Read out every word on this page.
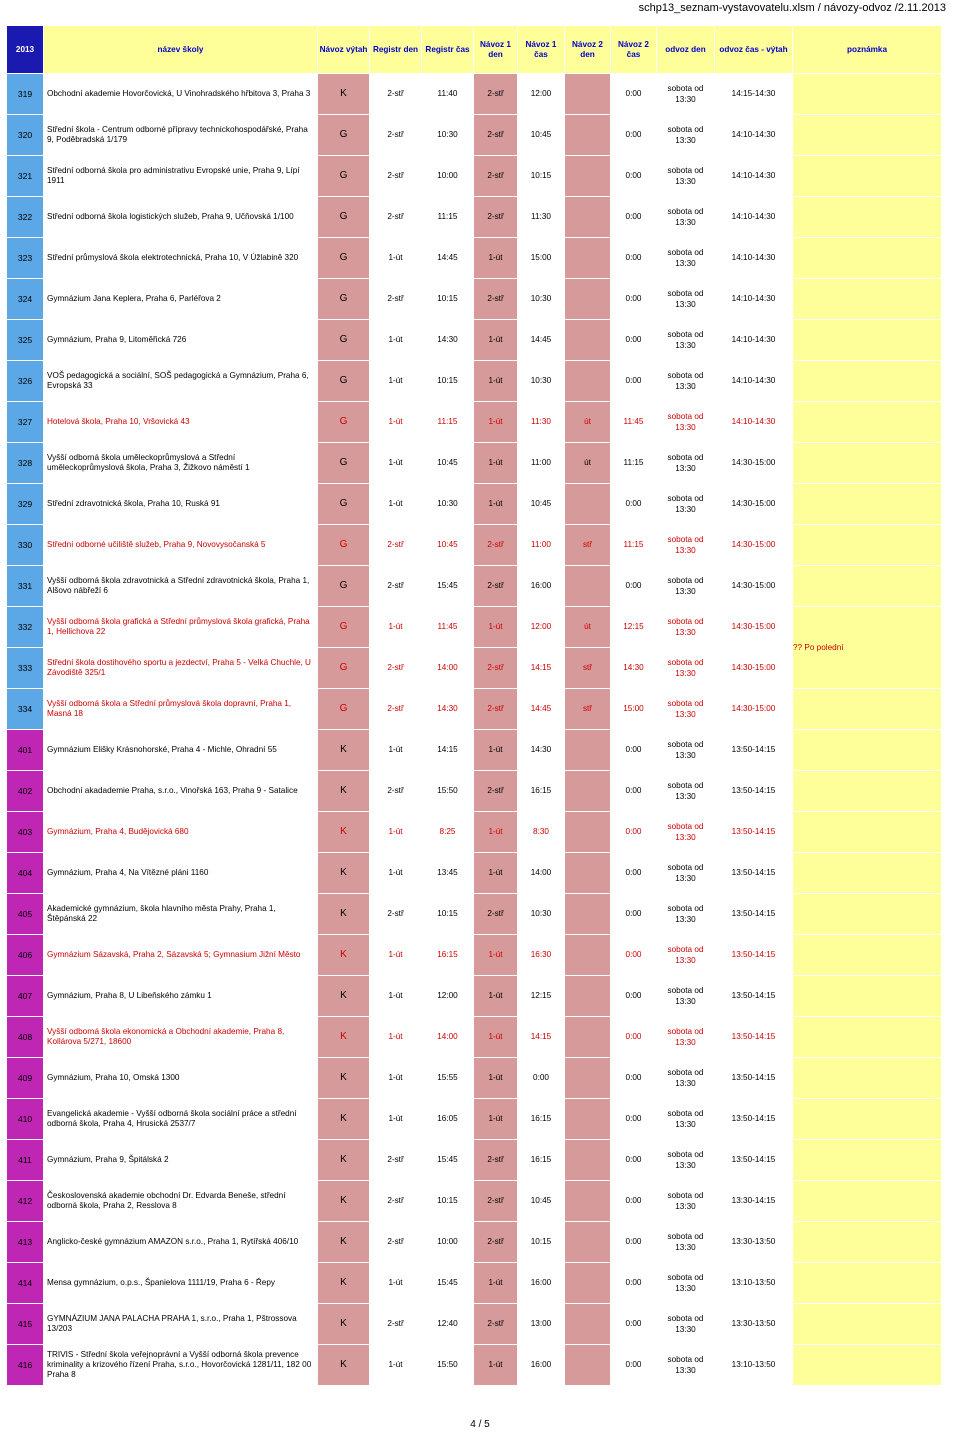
schp13_seznam-vystavovatelu.xlsm / návozy-odvoz /2.11.2013
2013	název školy	Návoz výtah	Registr den	Registr čas	Návoz 1 den	Návoz 1 čas	Návoz 2 den	Návoz 2 čas	odvoz den	odvoz čas - výtah	poznámka
319	Obchodní akademie Hovorčovická, U Vinohradského hřbitova 3, Praha 3	K	2-stř	11:40	2-stř	12:00		0:00	sobota od 13:30	14:15-14:30	
320	Střední škola - Centrum odborné přípravy technickohospodářské, Praha 9, Poděbradská 1/179	G	2-stř	10:30	2-stř	10:45		0:00	sobota od 13:30	14:10-14:30	
321	Střední odborná škola pro administrativu Evropské unie, Praha 9, Lípí 1911	G	2-stř	10:00	2-stř	10:15		0:00	sobota od 13:30	14:10-14:30	
322	Střední odborná škola logistických služeb, Praha 9, Učňovská 1/100	G	2-stř	11:15	2-stř	11:30		0:00	sobota od 13:30	14:10-14:30	
323	Střední průmyslová škola elektrotechnická, Praha 10, V Úžlabině 320	G	1-út	14:45	1-út	15:00		0:00	sobota od 13:30	14:10-14:30	
324	Gymnázium Jana Keplera, Praha 6, Parléřova 2	G	2-stř	10:15	2-stř	10:30		0:00	sobota od 13:30	14:10-14:30	
325	Gymnázium, Praha 9, Litoměřická 726	G	1-út	14:30	1-út	14:45		0:00	sobota od 13:30	14:10-14:30	
326	VOŠ pedagogická a sociální, SOŠ pedagogická a Gymnázium, Praha 6, Evropská 33	G	1-út	10:15	1-út	10:30		0:00	sobota od 13:30	14:10-14:30	
327	Hotelová škola, Praha 10, Vršovická 43	G	1-út	11:15	1-út	11:30	út	11:45	sobota od 13:30	14:10-14:30	
328	Vyšší odborná škola uměleckoprůmyslová a Střední uměleckoprůmyslová škola, Praha 3, Žižkovo náměstí 1	G	1-út	10:45	1-út	11:00	út	11:15	sobota od 13:30	14:30-15:00	
329	Střední zdravotnická škola, Praha 10, Ruská 91	G	1-út	10:30	1-út	10:45		0:00	sobota od 13:30	14:30-15:00	
330	Střední odborné učiliště služeb, Praha 9, Novovysočanská 5	G	2-stř	10:45	2-stř	11:00	stř	11:15	sobota od 13:30	14:30-15:00	
331	Vyšší odborná škola zdravotnická a Střední zdravotnická škola, Praha 1, Alšovo nábřeží 6	G	2-stř	15:45	2-stř	16:00		0:00	sobota od 13:30	14:30-15:00	
332	Vyšší odborná škola grafická a Střední průmyslová škola grafická, Praha 1, Hellichova 22	G	1-út	11:45	1-út	12:00	út	12:15	sobota od 13:30	14:30-15:00	?? Po polední
333	Střední škola dostihového sportu a jezdectví, Praha 5 - Velká Chuchle, U Závodiště 325/1	G	2-stř	14:00	2-stř	14:15	stř	14:30	sobota od 13:30	14:30-15:00	
334	Vyšší odborná škola a Střední průmyslová škola dopravní, Praha 1, Masná 18	G	2-stř	14:30	2-stř	14:45	stř	15:00	sobota od 13:30	14:30-15:00	
401	Gymnázium Elišky Krásnohorské, Praha 4 - Michle, Ohradní 55	K	1-út	14:15	1-út	14:30		0:00	sobota od 13:30	13:50-14:15	
402	Obchodní akadademie Praha, s.r.o., Vinořská 163, Praha 9 - Satalice	K	2-stř	15:50	2-stř	16:15		0:00	sobota od 13:30	13:50-14:15	
403	Gymnázium, Praha 4, Budějovická 680	K	1-út	8:25	1-út	8:30		0:00	sobota od 13:30	13:50-14:15	
404	Gymnázium, Praha 4, Na Vítězné pláni 1160	K	1-út	13:45	1-út	14:00		0:00	sobota od 13:30	13:50-14:15	
405	Akademické gymnázium, škola hlavního města Prahy, Praha 1, Štěpánská 22	K	2-stř	10:15	2-stř	10:30		0:00	sobota od 13:30	13:50-14:15	
406	Gymnázium Sázavská, Praha 2, Sázavská 5; Gymnasium Jižní Město	K	1-út	16:15	1-út	16:30		0:00	sobota od 13:30	13:50-14:15	
407	Gymnázium, Praha 8, U Libeňského zámku 1	K	1-út	12:00	1-út	12:15		0:00	sobota od 13:30	13:50-14:15	
408	Vyšší odborná škola ekonomická a Obchodní akademie, Praha 8, Kollárova 5/271, 18600	K	1-út	14:00	1-út	14:15		0:00	sobota od 13:30	13:50-14:15	
409	Gymnázium, Praha 10, Omská 1300	K	1-út	15:55	1-út	0:00		0:00	sobota od 13:30	13:50-14:15	
410	Evangelická akademie - Vyšší odborná škola sociální práce a střední odborná škola, Praha 4, Hrusická 2537/7	K	1-út	16:05	1-út	16:15		0:00	sobota od 13:30	13:50-14:15	
411	Gymnázium, Praha 9, Špitálská 2	K	2-stř	15:45	2-stř	16:15		0:00	sobota od 13:30	13:50-14:15	
412	Československá akademie obchodní Dr. Edvarda Beneše, střední odborná škola, Praha 2, Resslova 8	K	2-stř	10:15	2-stř	10:45		0:00	sobota od 13:30	13:30-14:15	
413	Anglicko-české gymnázium AMAZON s.r.o., Praha 1, Rytířská 406/10	K	2-stř	10:00	2-stř	10:15		0:00	sobota od 13:30	13:30-13:50	
414	Mensa gymnázium, o.p.s., Španielova 1111/19, Praha 6 - Řepy	K	1-út	15:45	1-út	16:00		0:00	sobota od 13:30	13:10-13:50	
415	GYMNÁZIUM JANA PALACHA PRAHA 1, s.r.o., Praha 1, Pštrossova 13/203	K	2-stř	12:40	2-stř	13:00		0:00	sobota od 13:30	13:30-13:50	
416	TRIVIS - Střední škola veřejnoprávní a Vyšší odborná škola prevence kriminality a krizového řízení Praha, s.r.o., Hovorčovická 1281/11, 182 00 Praha 8	K	1-út	15:50	1-út	16:00		0:00	sobota od 13:30	13:10-13:50	
4 / 5
